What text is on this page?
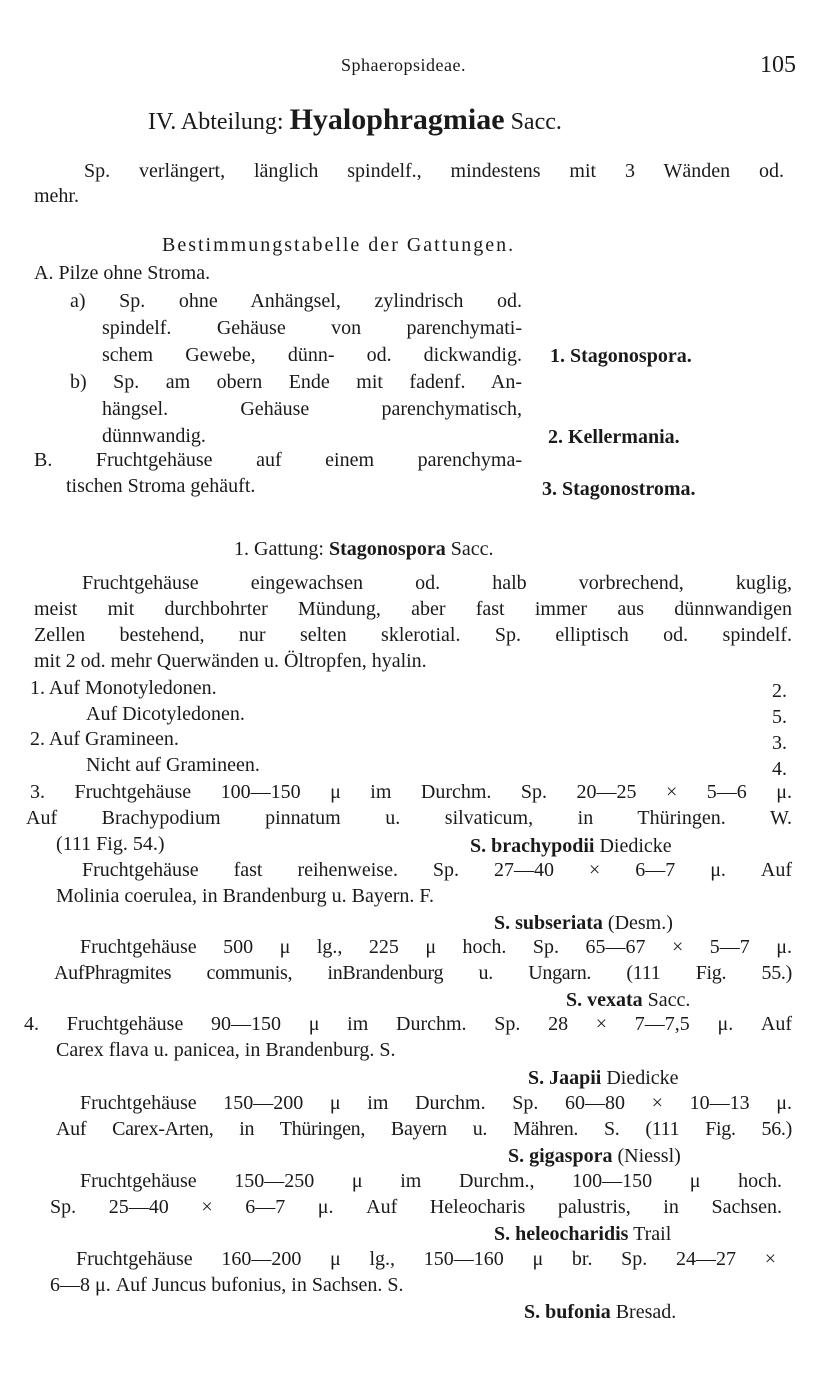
Sphaeropsideae.	105
IV. Abteilung: Hyalophragmiae Sacc.
Sp. verlängert, länglich spindelf., mindestens mit 3 Wänden od.
mehr.
Bestimmungstabelle der Gattungen.
A. Pilze ohne Stroma.
a) Sp. ohne Anhängsel, zylindrisch od.
spindelf. Gehäuse von parenchymati-
schem Gewebe, dünn- od. dickwandig. 1. Stagonospora.
b) Sp. am obern Ende mit fadenf. An-
hängsel. Gehäuse parenchymatisch,
dünnwandig.	2. Kellermania.
B. Fruchtgehäuse auf einem parenchyma-
tischen Stroma gehäuft.	3. Stagonostroma.
1. Gattung: Stagonospora Sacc.
Fruchtgehäuse eingewachsen od. halb vorbrechend, kuglig,
meist mit durchbohrter Mündung, aber fast immer aus dünnwandigen
Zellen bestehend, nur selten sklerotial. Sp. elliptisch od. spindelf.
mit 2 od. mehr Querwänden u. Öltropfen, hyalin.
1. Auf Monotyledonen.	2.
Auf Dicotyledonen.	5.
2. Auf Gramineen.	3.
Nicht auf Gramineen.	4.
3. Fruchtgehäuse 100—150 μ im Durchm. Sp. 20—25 × 5—6 μ.
Auf Brachypodium pinnatum u. silvaticum, in Thüringen. W.
(111 Fig. 54.)	S. brachypodii Diedicke
Fruchtgehäuse fast reihenweise. Sp. 27—40 × 6—7 μ. Auf
Molinia coerulea, in Brandenburg u. Bayern. F.
S. subseriata (Desm.)
Fruchtgehäuse 500 μ lg., 225 μ hoch. Sp. 65—67 × 5—7 μ.
AufPhragmites communis, inBrandenburg u. Ungarn. (111 Fig. 55.)
S. vexata Sacc.
4. Fruchtgehäuse 90—150 μ im Durchm. Sp. 28 × 7—7,5 μ. Auf
Carex flava u. panicea, in Brandenburg. S.
S. Jaapii Diedicke
Fruchtgehäuse 150—200 μ im Durchm. Sp. 60—80 × 10—13 μ.
Auf Carex-Arten, in Thüringen, Bayern u. Mähren. S. (111 Fig. 56.)
S. gigaspora (Niessl)
Fruchtgehäuse 150—250 μ im Durchm., 100—150 μ hoch.
Sp. 25—40 × 6—7 μ. Auf Heleocharis palustris, in Sachsen.
S. heleocharidis Trail
Fruchtgehäuse 160—200 μ lg., 150—160 μ br. Sp. 24—27 ×
6—8 μ. Auf Juncus bufonius, in Sachsen. S.
S. bufonia Bresad.
